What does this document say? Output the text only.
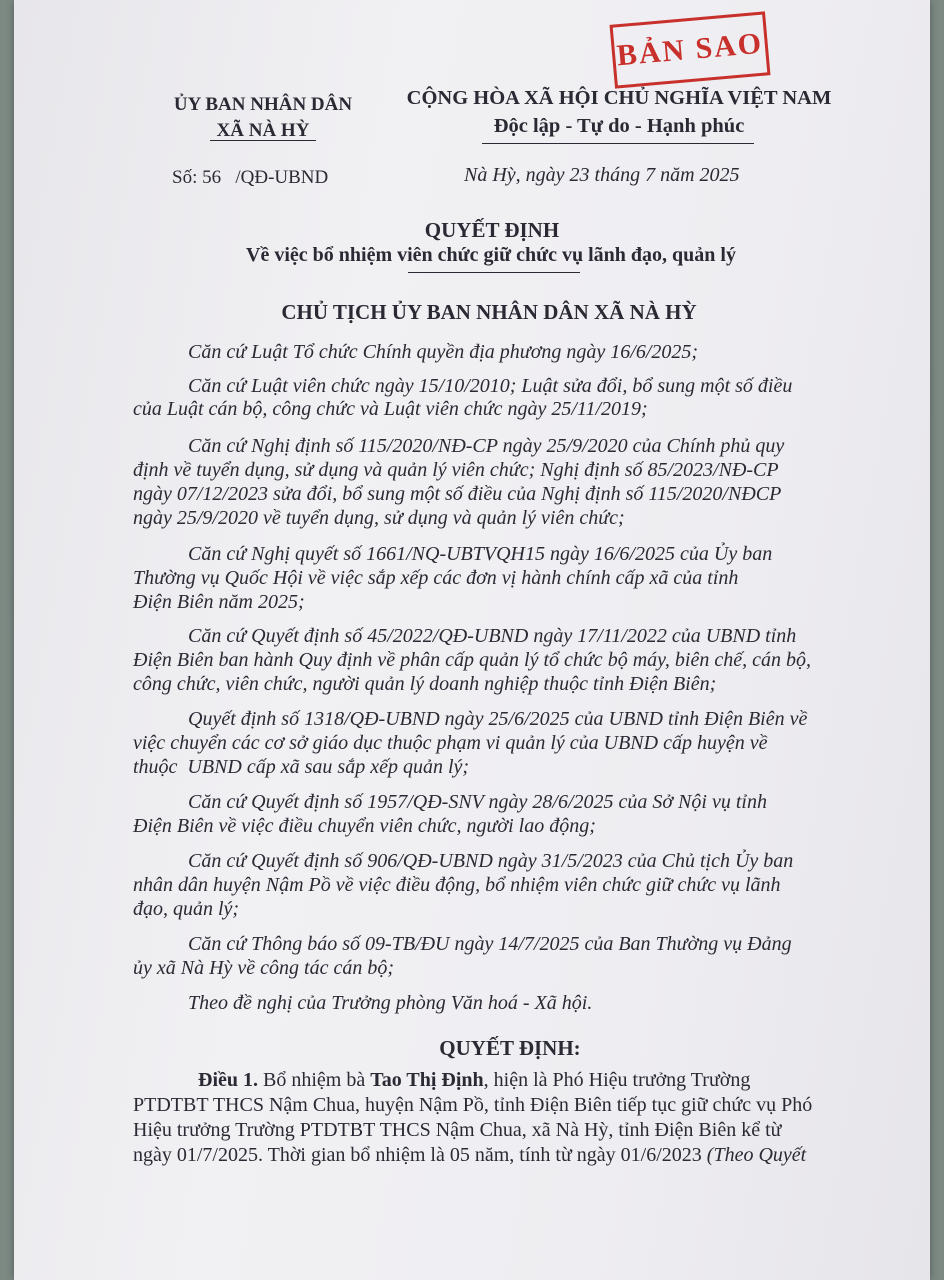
BẢN SAO
ỦY BAN NHÂN DÂN
XÃ NÀ HỲ
CỘNG HÒA XÃ HỘI CHỦ NGHĨA VIỆT NAM
Độc lập - Tự do - Hạnh phúc
Số: 56   /QĐ-UBND	Nà Hỳ, ngày 23 tháng 7 năm 2025
QUYẾT ĐỊNH
Về việc bổ nhiệm viên chức giữ chức vụ lãnh đạo, quản lý
CHỦ TỊCH ỦY BAN NHÂN DÂN XÃ NÀ HỲ
Căn cứ Luật Tổ chức Chính quyền địa phương ngày 16/6/2025;
Căn cứ Luật viên chức ngày 15/10/2010; Luật sửa đổi, bổ sung một số điều
của Luật cán bộ, công chức và Luật viên chức ngày 25/11/2019;
Căn cứ Nghị định số 115/2020/NĐ-CP ngày 25/9/2020 của Chính phủ quy
định về tuyển dụng, sử dụng và quản lý viên chức; Nghị định số 85/2023/NĐ-CP
ngày 07/12/2023 sửa đổi, bổ sung một số điều của Nghị định số 115/2020/NĐCP
ngày 25/9/2020 về tuyển dụng, sử dụng và quản lý viên chức;
Căn cứ Nghị quyết số 1661/NQ-UBTVQH15 ngày 16/6/2025 của Ủy ban
Thường vụ Quốc Hội về việc sắp xếp các đơn vị hành chính cấp xã của tỉnh
Điện Biên năm 2025;
Căn cứ Quyết định số 45/2022/QĐ-UBND ngày 17/11/2022 của UBND tỉnh
Điện Biên ban hành Quy định về phân cấp quản lý tổ chức bộ máy, biên chế, cán bộ,
công chức, viên chức, người quản lý doanh nghiệp thuộc tỉnh Điện Biên;
Quyết định số 1318/QĐ-UBND ngày 25/6/2025 của UBND tỉnh Điện Biên về
việc chuyển các cơ sở giáo dục thuộc phạm vi quản lý của UBND cấp huyện về
thuộc  UBND cấp xã sau sắp xếp quản lý;
Căn cứ Quyết định số 1957/QĐ-SNV ngày 28/6/2025 của Sở Nội vụ tỉnh
Điện Biên về việc điều chuyển viên chức, người lao động;
Căn cứ Quyết định số 906/QĐ-UBND ngày 31/5/2023 của Chủ tịch Ủy ban
nhân dân huyện Nậm Pồ về việc điều động, bổ nhiệm viên chức giữ chức vụ lãnh
đạo, quản lý;
Căn cứ Thông báo số 09-TB/ĐU ngày 14/7/2025 của Ban Thường vụ Đảng
ủy xã Nà Hỳ về công tác cán bộ;
Theo đề nghị của Trưởng phòng Văn hoá - Xã hội.
QUYẾT ĐỊNH:
Điều 1. Bổ nhiệm bà Tao Thị Định, hiện là Phó Hiệu trưởng Trường
PTDTBT THCS Nậm Chua, huyện Nậm Pồ, tỉnh Điện Biên tiếp tục giữ chức vụ Phó
Hiệu trưởng Trường PTDTBT THCS Nậm Chua, xã Nà Hỳ, tỉnh Điện Biên kể từ
ngày 01/7/2025. Thời gian bổ nhiệm là 05 năm, tính từ ngày 01/6/2023 (Theo Quyết
